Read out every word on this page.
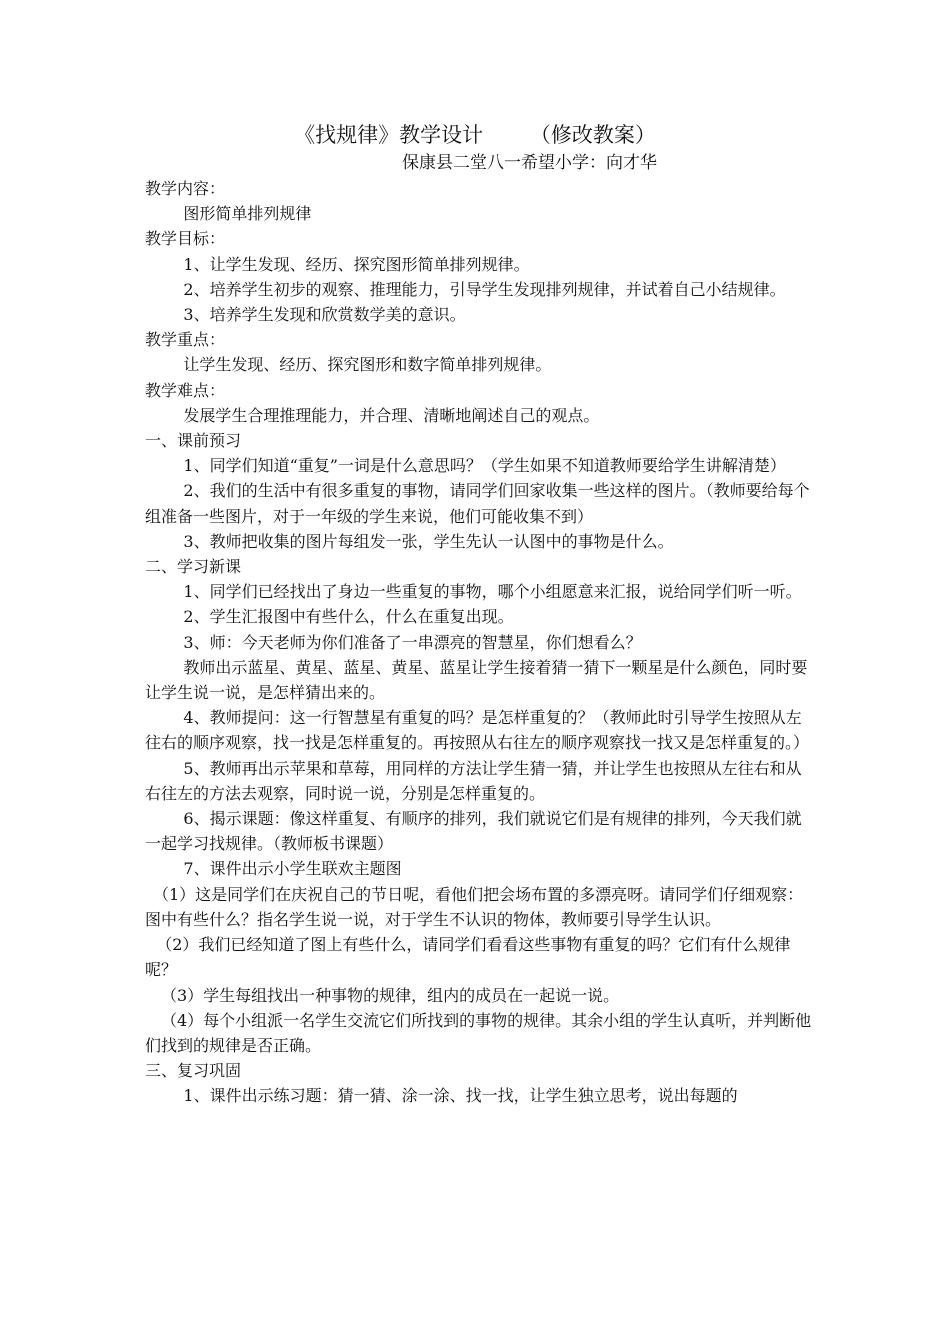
《找规律》教学设计       （修改教案）
保康县二堂八一希望小学：向才华

教学内容：

图形简单排列规律

教学目标：

1、让学生发现、经历、探究图形简单排列规律。

2、培养学生初步的观察、推理能力，引导学生发现排列规律，并试着自己小结规律。

3、培养学生发现和欣赏数学美的意识。

教学重点：

让学生发现、经历、探究图形和数字简单排列规律。

教学难点：

发展学生合理推理能力，并合理、清晰地阐述自己的观点。

一、课前预习

1、同学们知道“重复”一词是什么意思吗？（学生如果不知道教师要给学生讲解清楚）

2、我们的生活中有很多重复的事物，请同学们回家收集一些这样的图片。（教师要给每个组准备一些图片，对于一年级的学生来说，他们可能收集不到）

3、教师把收集的图片每组发一张，学生先认一认图中的事物是什么。

二、学习新课

1、同学们已经找出了身边一些重复的事物，哪个小组愿意来汇报，说给同学们听一听。

2、学生汇报图中有些什么，什么在重复出现。

3、师：今天老师为你们准备了一串漂亮的智慧星，你们想看么？

教师出示蓝星、黄星、蓝星、黄星、蓝星让学生接着猜一猜下一颗星是什么颜色，同时要让学生说一说，是怎样猜出来的。

4、教师提问：这一行智慧星有重复的吗？是怎样重复的？（教师此时引导学生按照从左往右的顺序观察，找一找是怎样重复的。再按照从右往左的顺序观察找一找又是怎样重复的。）

5、教师再出示苹果和草莓，用同样的方法让学生猜一猜，并让学生也按照从左往右和从右往左的方法去观察，同时说一说，分别是怎样重复的。

6、揭示课题：像这样重复、有顺序的排列，我们就说它们是有规律的排列，今天我们就一起学习找规律。（教师板书课题）

7、课件出示小学生联欢主题图

（1）这是同学们在庆祝自己的节日呢，看他们把会场布置的多漂亮呀。请同学们仔细观察：图中有些什么？指名学生说一说，对于学生不认识的物体，教师要引导学生认识。

（2）我们已经知道了图上有些什么，请同学们看看这些事物有重复的吗？它们有什么规律呢？

（3）学生每组找出一种事物的规律，组内的成员在一起说一说。

（4）每个小组派一名学生交流它们所找到的事物的规律。其余小组的学生认真听，并判断他们找到的规律是否正确。

三、复习巩固

1、课件出示练习题：猜一猜、涂一涂、找一找，让学生独立思考，说出每题的
